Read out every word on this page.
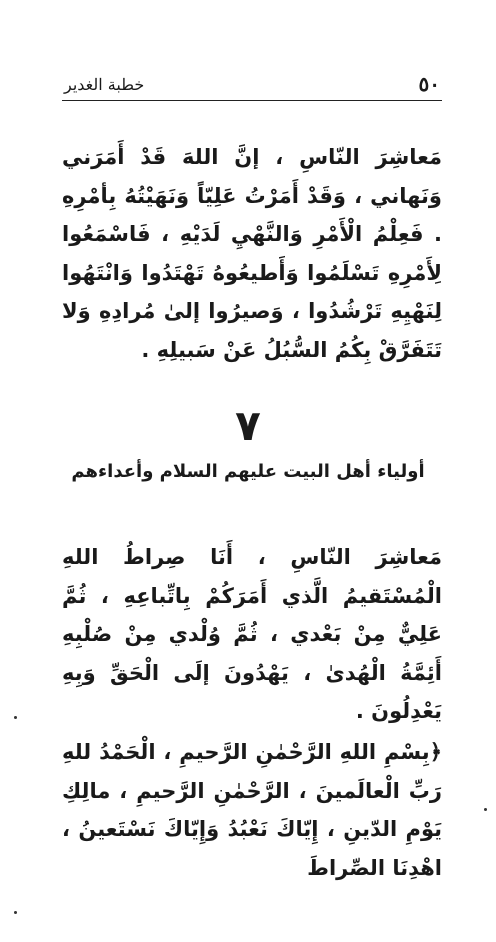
٥٠
خطبة الغدير
مَعاشِرَ النّاسِ ، إنَّ اللهَ قَدْ أَمَرَني وَنَهاني ، وَقَدْ أَمَرْتُ عَلِيّاً وَنَهَيْتُهُ بِأمْرِهِ . فَعِلْمُ الْأَمْرِ وَالنَّهْيِ لَدَيْهِ ، فَاسْمَعُوا لِأَمْرِهِ تَسْلَمُوا وَأَطيعُوهُ تَهْتَدُوا وَانْتَهُوا لِنَهْيِهِ تَرْشُدُوا ، وَصيرُوا إلىٰ مُرادِهِ وَلا تَتَفَرَّقْ بِكُمُ السُّبُلُ عَنْ سَبيلِهِ .
٧
أولياء أهل البيت عليهم السلام وأعداءهم
مَعاشِرَ النّاسِ ، أَنَا صِراطُ اللهِ الْمُسْتَقيمُ الَّذي أَمَرَكُمْ بِاتِّباعِهِ ، ثُمَّ عَلِيٌّ مِنْ بَعْدي ، ثُمَّ وُلْدي مِنْ صُلْبِهِ أَئِمَّةُ الْهُدىٰ ، يَهْدُونَ إلَى الْحَقِّ وَبِهِ يَعْدِلُونَ .
﴿بِسْمِ اللهِ الرَّحْمٰنِ الرَّحيمِ ، الْحَمْدُ للهِ رَبِّ الْعالَمينَ ، الرَّحْمٰنِ الرَّحيمِ ، مالِكِ يَوْمِ الدّينِ ، إِيّاكَ نَعْبُدُ وَإِيّاكَ نَسْتَعينُ ، اهْدِنَا الصِّراطَ
